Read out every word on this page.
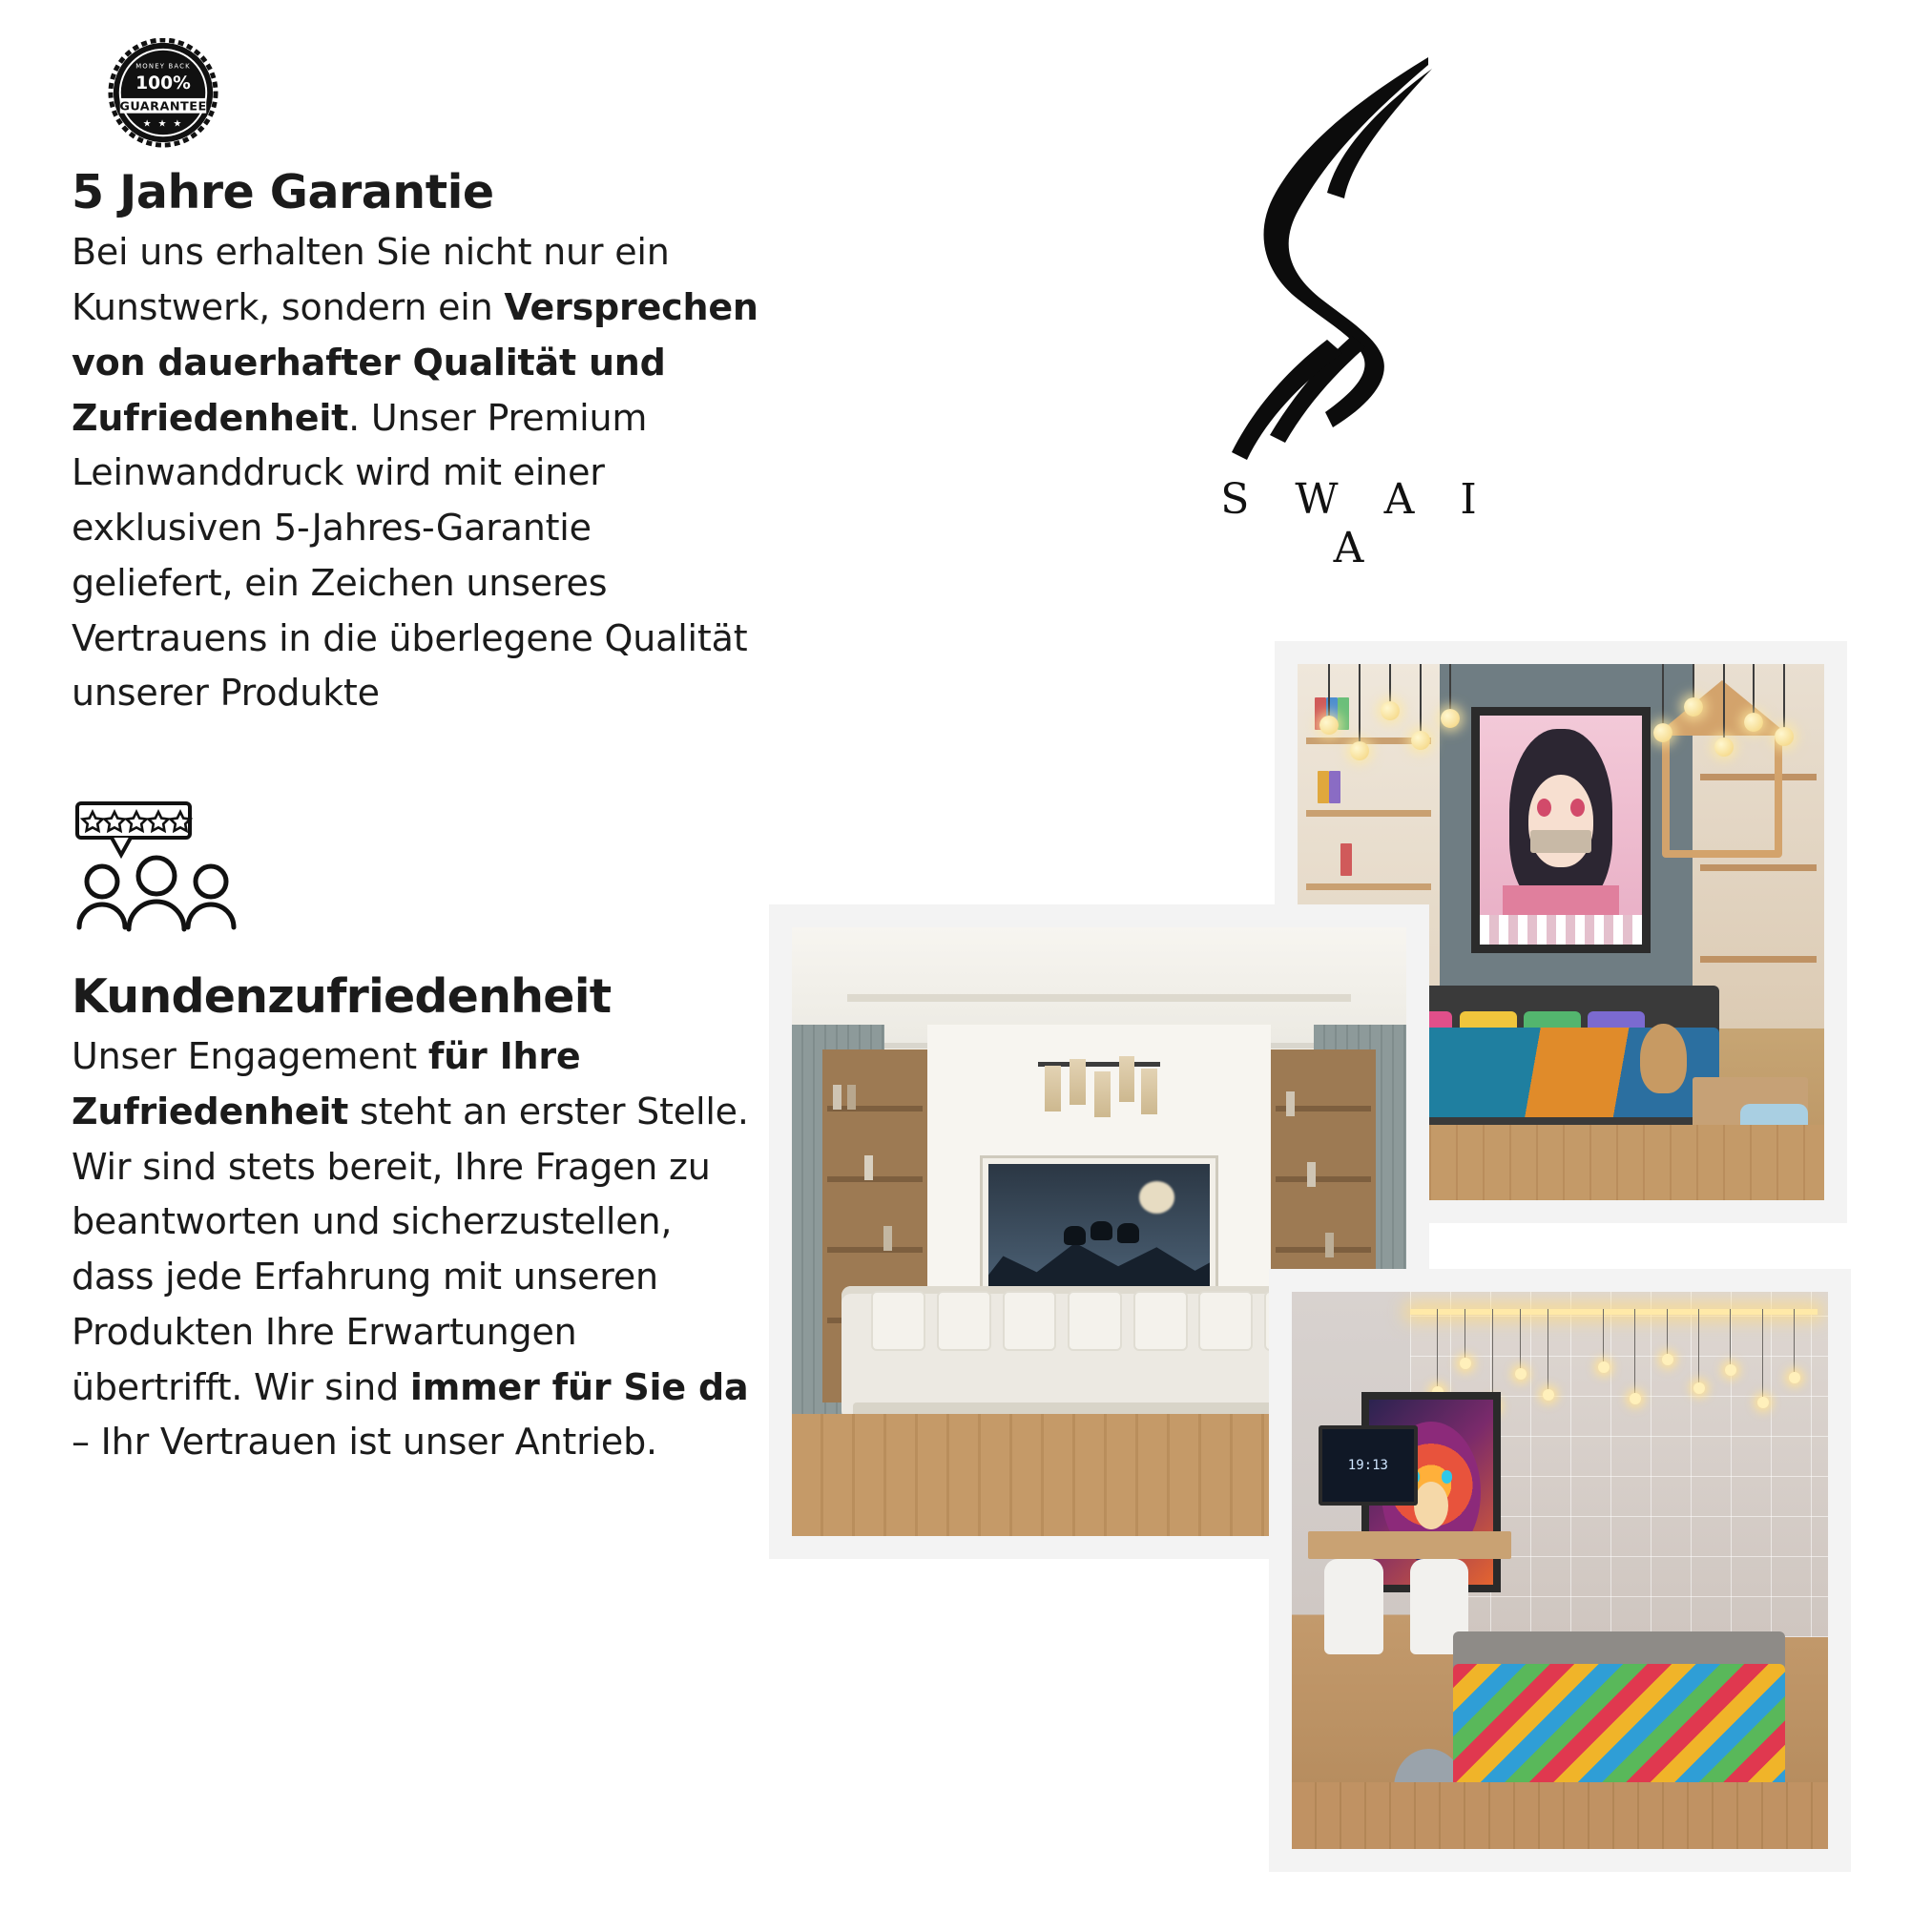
MONEY BACK
100%
GUARANTEE
★ ★ ★
5 Jahre Garantie

Bei uns erhalten Sie nicht nur ein Kunstwerk, sondern ein Versprechen von dauerhafter Qualität und Zufriedenheit. Unser Premium Leinwanddruck wird mit einer exklusiven 5-Jahres-Garantie geliefert, ein Zeichen unseres Vertrauens in die überlegene Qualität unserer Produkte

Kundenzufriedenheit

Unser Engagement für Ihre Zufriedenheit steht an erster Stelle. Wir sind stets bereit, Ihre Fragen zu beantworten und sicherzustellen, dass jede Erfahrung mit unseren Produkten Ihre Erwartungen übertrifft. Wir sind immer für Sie da – Ihr Vertrauen ist unser Antrieb.

S W A I A
19:13
